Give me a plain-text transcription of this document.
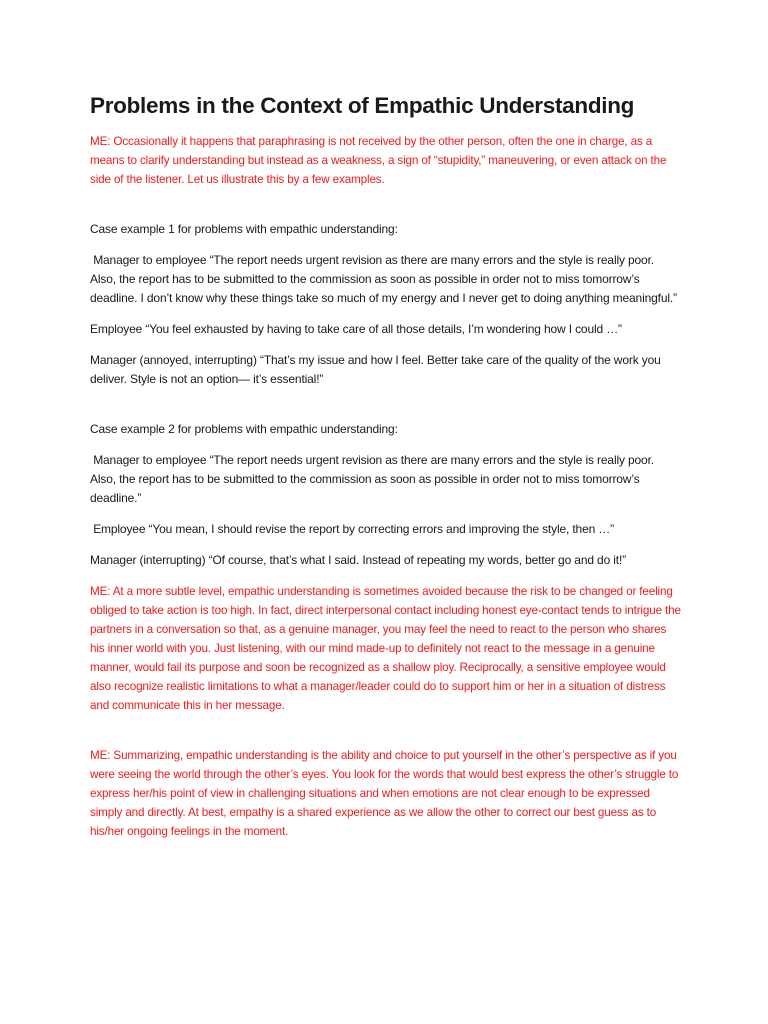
Problems in the Context of Empathic Understanding

ME: Occasionally it happens that paraphrasing is not received by the other person, often the one in charge, as a means to clarify understanding but instead as a weakness, a sign of “stupidity,” maneuvering, or even attack on the side of the listener. Let us illustrate this by a few examples.

Case example 1 for problems with empathic understanding:

Manager to employee “The report needs urgent revision as there are many errors and the style is really poor. Also, the report has to be submitted to the commission as soon as possible in order not to miss tomorrow’s deadline. I don’t know why these things take so much of my energy and I never get to doing anything meaningful.”

Employee “You feel exhausted by having to take care of all those details, I’m wondering how I could …”

Manager (annoyed, interrupting) “That’s my issue and how I feel. Better take care of the quality of the work you deliver. Style is not an option— it’s essential!”

Case example 2 for problems with empathic understanding:

Manager to employee “The report needs urgent revision as there are many errors and the style is really poor. Also, the report has to be submitted to the commission as soon as possible in order not to miss tomorrow’s deadline.”

Employee “You mean, I should revise the report by correcting errors and improving the style, then …”

Manager (interrupting) “Of course, that’s what I said. Instead of repeating my words, better go and do it!”

ME: At a more subtle level, empathic understanding is sometimes avoided because the risk to be changed or feeling obliged to take action is too high. In fact, direct interpersonal contact including honest eye-contact tends to intrigue the partners in a conversation so that, as a genuine manager, you may feel the need to react to the person who shares his inner world with you. Just listening, with our mind made-up to definitely not react to the message in a genuine manner, would fail its purpose and soon be recognized as a shallow ploy. Reciprocally, a sensitive employee would also recognize realistic limitations to what a manager/leader could do to support him or her in a situation of distress and communicate this in her message.

ME: Summarizing, empathic understanding is the ability and choice to put yourself in the other’s perspective as if you were seeing the world through the other’s eyes. You look for the words that would best express the other’s struggle to express her/his point of view in challenging situations and when emotions are not clear enough to be expressed simply and directly. At best, empathy is a shared experience as we allow the other to correct our best guess as to his/her ongoing feelings in the moment.
